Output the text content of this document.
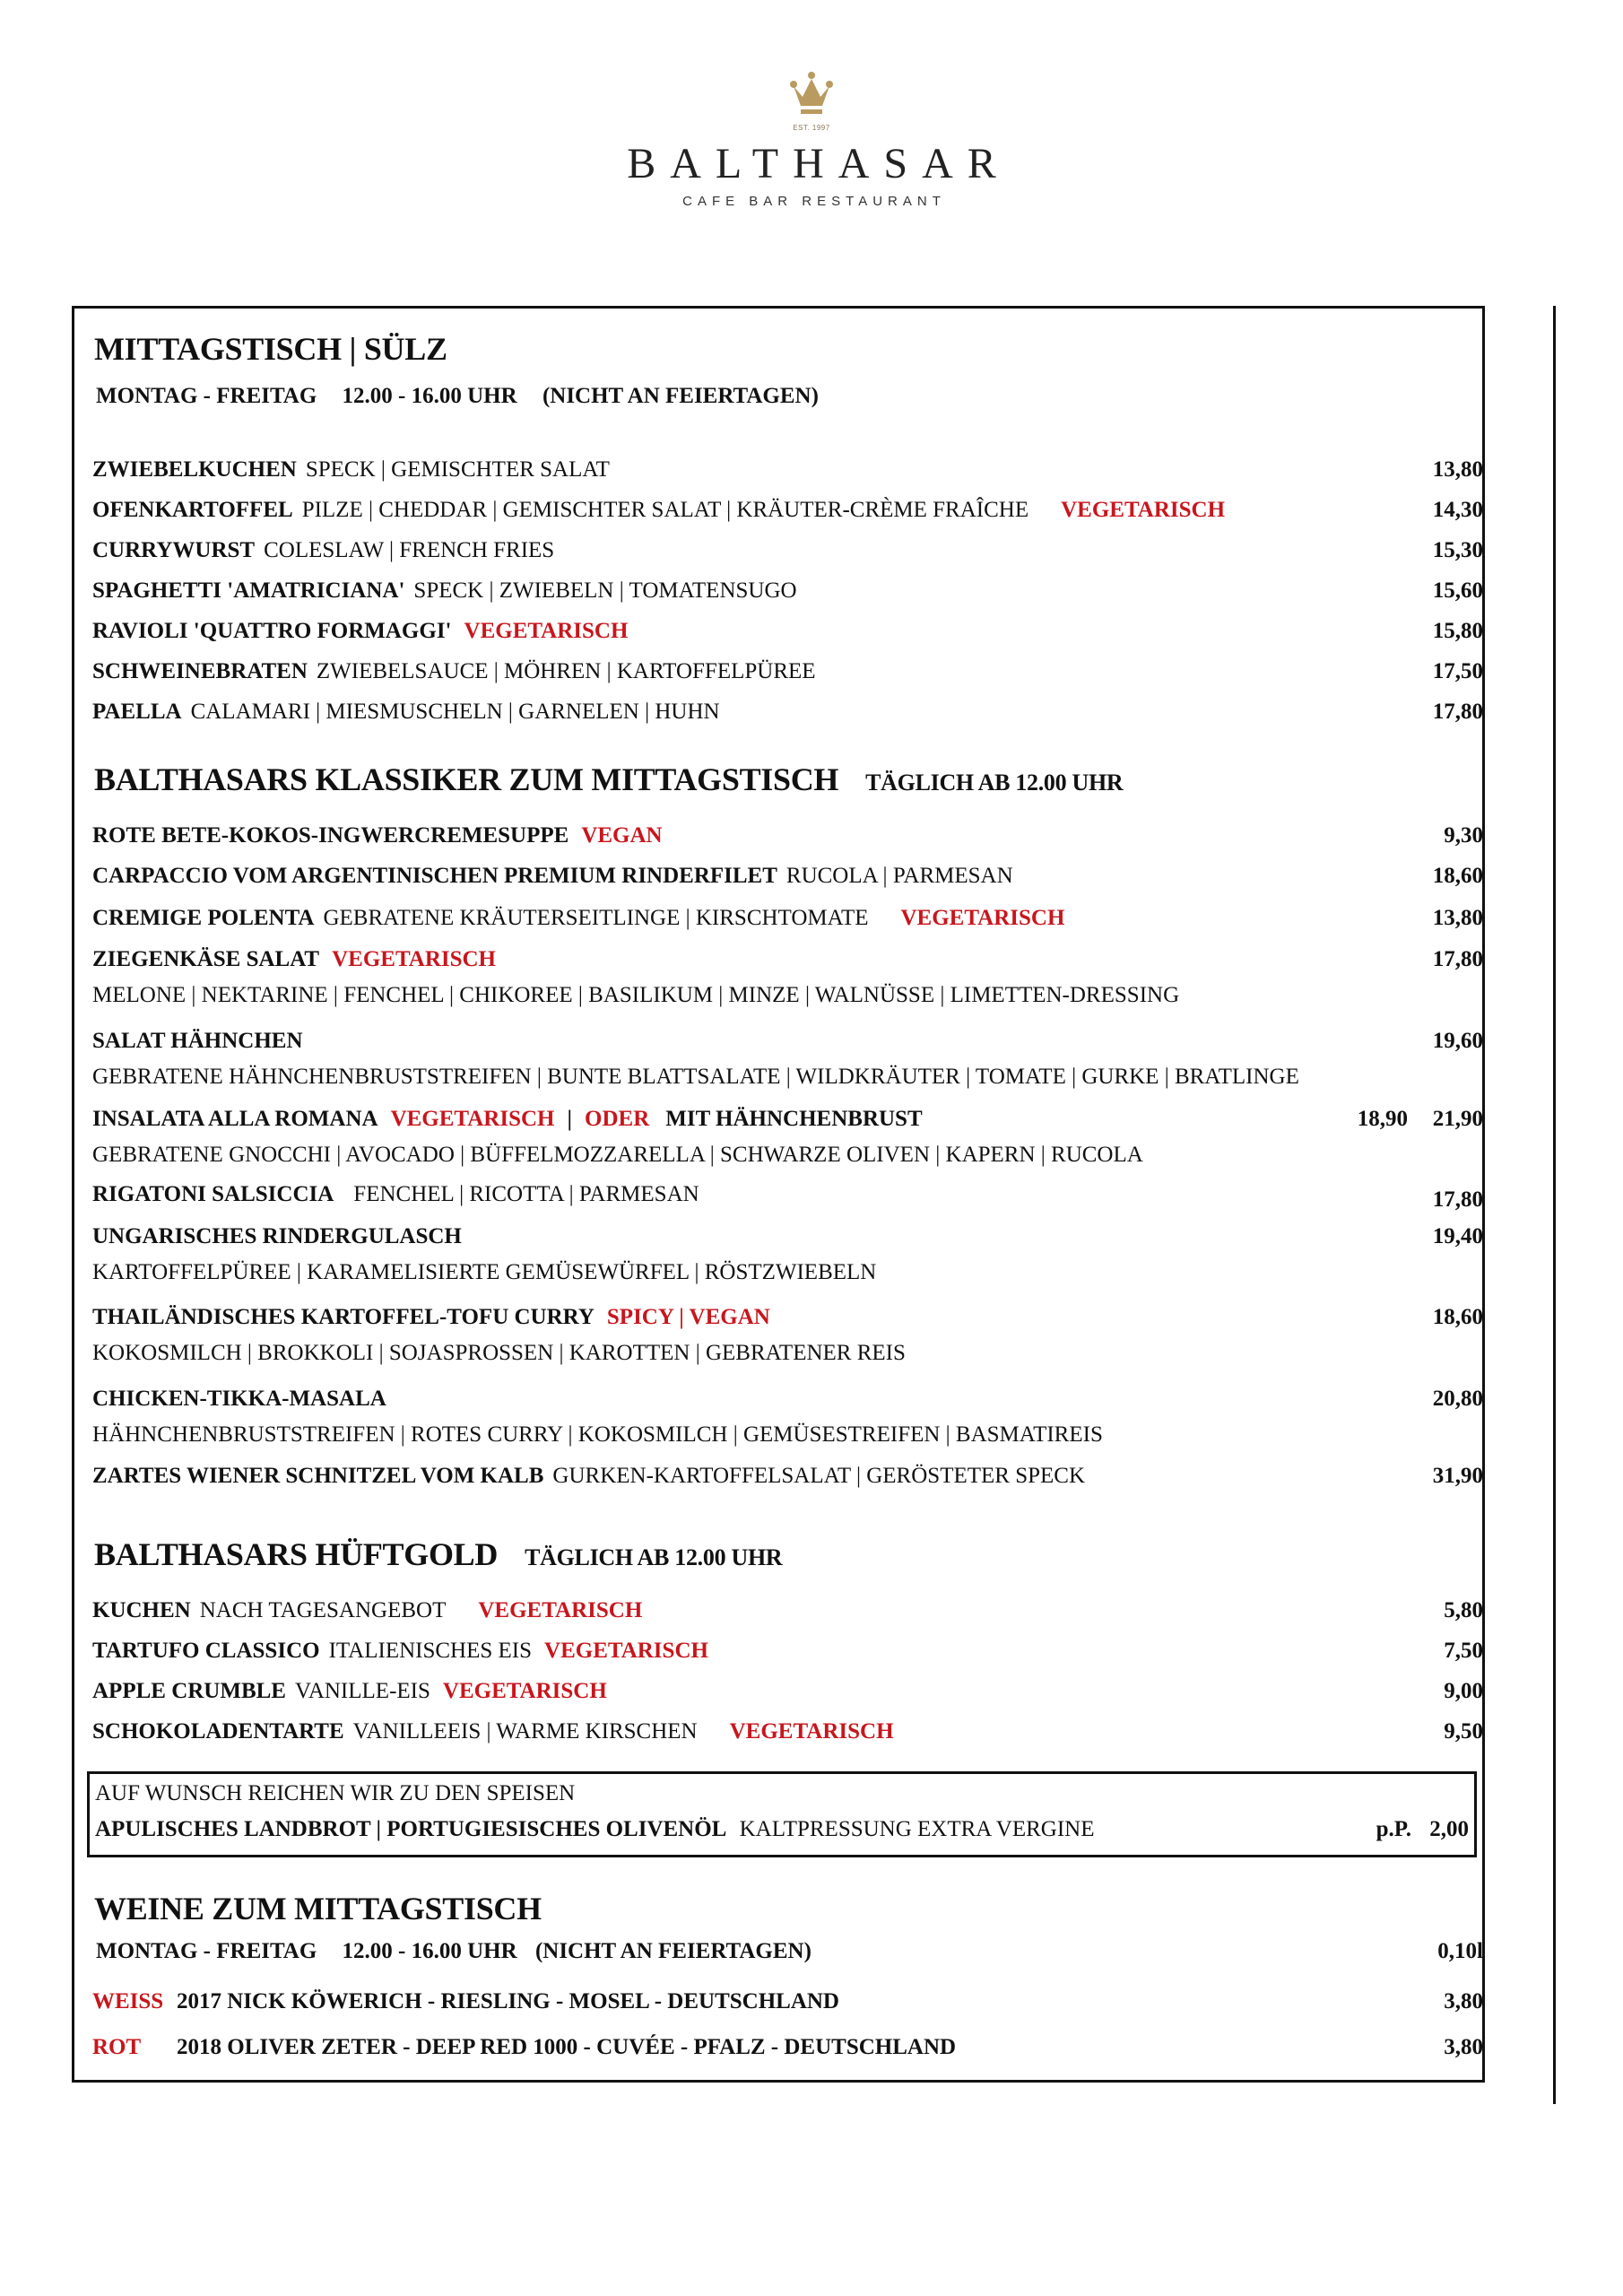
EST. 1997
BALTHASAR
CAFE BAR RESTAURANT
MITTAGSTISCH | SÜLZ
MONTAG - FREITAG 12.00 - 16.00 UHR (NICHT AN FEIERTAGEN)
ZWIEBELKUCHEN SPECK | GEMISCHTER SALAT	13,80
OFENKARTOFFEL PILZE | CHEDDAR | GEMISCHTER SALAT | KRÄUTER-CRÈME FRAÎCHE VEGETARISCH	14,30
CURRYWURST COLESLAW | FRENCH FRIES	15,30
SPAGHETTI 'AMATRICIANA' SPECK | ZWIEBELN | TOMATENSUGO	15,60
RAVIOLI 'QUATTRO FORMAGGI' VEGETARISCH	15,80
SCHWEINEBRATEN ZWIEBELSAUCE | MÖHREN | KARTOFFELPÜREE	17,50
PAELLA CALAMARI | MIESMUSCHELN | GARNELEN | HUHN	17,80
BALTHASARS KLASSIKER ZUM MITTAGSTISCH TÄGLICH AB 12.00 UHR
ROTE BETE-KOKOS-INGWERCREMESUPPE VEGAN	9,30
CARPACCIO VOM ARGENTINISCHEN PREMIUM RINDERFILET RUCOLA | PARMESAN	18,60
CREMIGE POLENTA GEBRATENE KRÄUTERSEITLINGE | KIRSCHTOMATE VEGETARISCH	13,80
ZIEGENKÄSE SALAT VEGETARISCH	17,80
MELONE | NEKTARINE | FENCHEL | CHIKOREE | BASILIKUM | MINZE | WALNÜSSE | LIMETTEN-DRESSING
SALAT HÄHNCHEN	19,60
GEBRATENE HÄHNCHENBRUSTSTREIFEN | BUNTE BLATTSALATE | WILDKRÄUTER | TOMATE | GURKE | BRATLINGE
INSALATA ALLA ROMANA VEGETARISCH | ODER MIT HÄHNCHENBRUST	18,90 21,90
GEBRATENE GNOCCHI | AVOCADO | BÜFFELMOZZARELLA | SCHWARZE OLIVEN | KAPERN | RUCOLA
RIGATONI SALSICCIA FENCHEL | RICOTTA | PARMESAN	17,80
UNGARISCHES RINDERGULASCH	19,40
KARTOFFELPÜREE | KARAMELISIERTE GEMÜSEWÜRFEL | RÖSTZWIEBELN
THAILÄNDISCHES KARTOFFEL-TOFU CURRY SPICY | VEGAN	18,60
KOKOSMILCH | BROKKOLI | SOJASPROSSEN | KAROTTEN | GEBRATENER REIS
CHICKEN-TIKKA-MASALA	20,80
HÄHNCHENBRUSTSTREIFEN | ROTES CURRY | KOKOSMILCH | GEMÜSESTREIFEN | BASMATIREIS
ZARTES WIENER SCHNITZEL VOM KALB GURKEN-KARTOFFELSALAT | GERÖSTETER SPECK	31,90
BALTHASARS HÜFTGOLD TÄGLICH AB 12.00 UHR
KUCHEN NACH TAGESANGEBOT VEGETARISCH	5,80
TARTUFO CLASSICO ITALIENISCHES EIS VEGETARISCH	7,50
APPLE CRUMBLE VANILLE-EIS VEGETARISCH	9,00
SCHOKOLADENTARTE VANILLEEIS | WARME KIRSCHEN VEGETARISCH	9,50
AUF WUNSCH REICHEN WIR ZU DEN SPEISEN
APULISCHES LANDBROT | PORTUGIESISCHES OLIVENÖL KALTPRESSUNG EXTRA VERGINE	p.P. 2,00
WEINE ZUM MITTAGSTISCH
MONTAG - FREITAG 12.00 - 16.00 UHR (NICHT AN FEIERTAGEN)	0,10l
WEISS 2017 NICK KÖWERICH - RIESLING - MOSEL - DEUTSCHLAND	3,80
ROT 2018 OLIVER ZETER - DEEP RED 1000 - CUVÉE - PFALZ - DEUTSCHLAND	3,80
